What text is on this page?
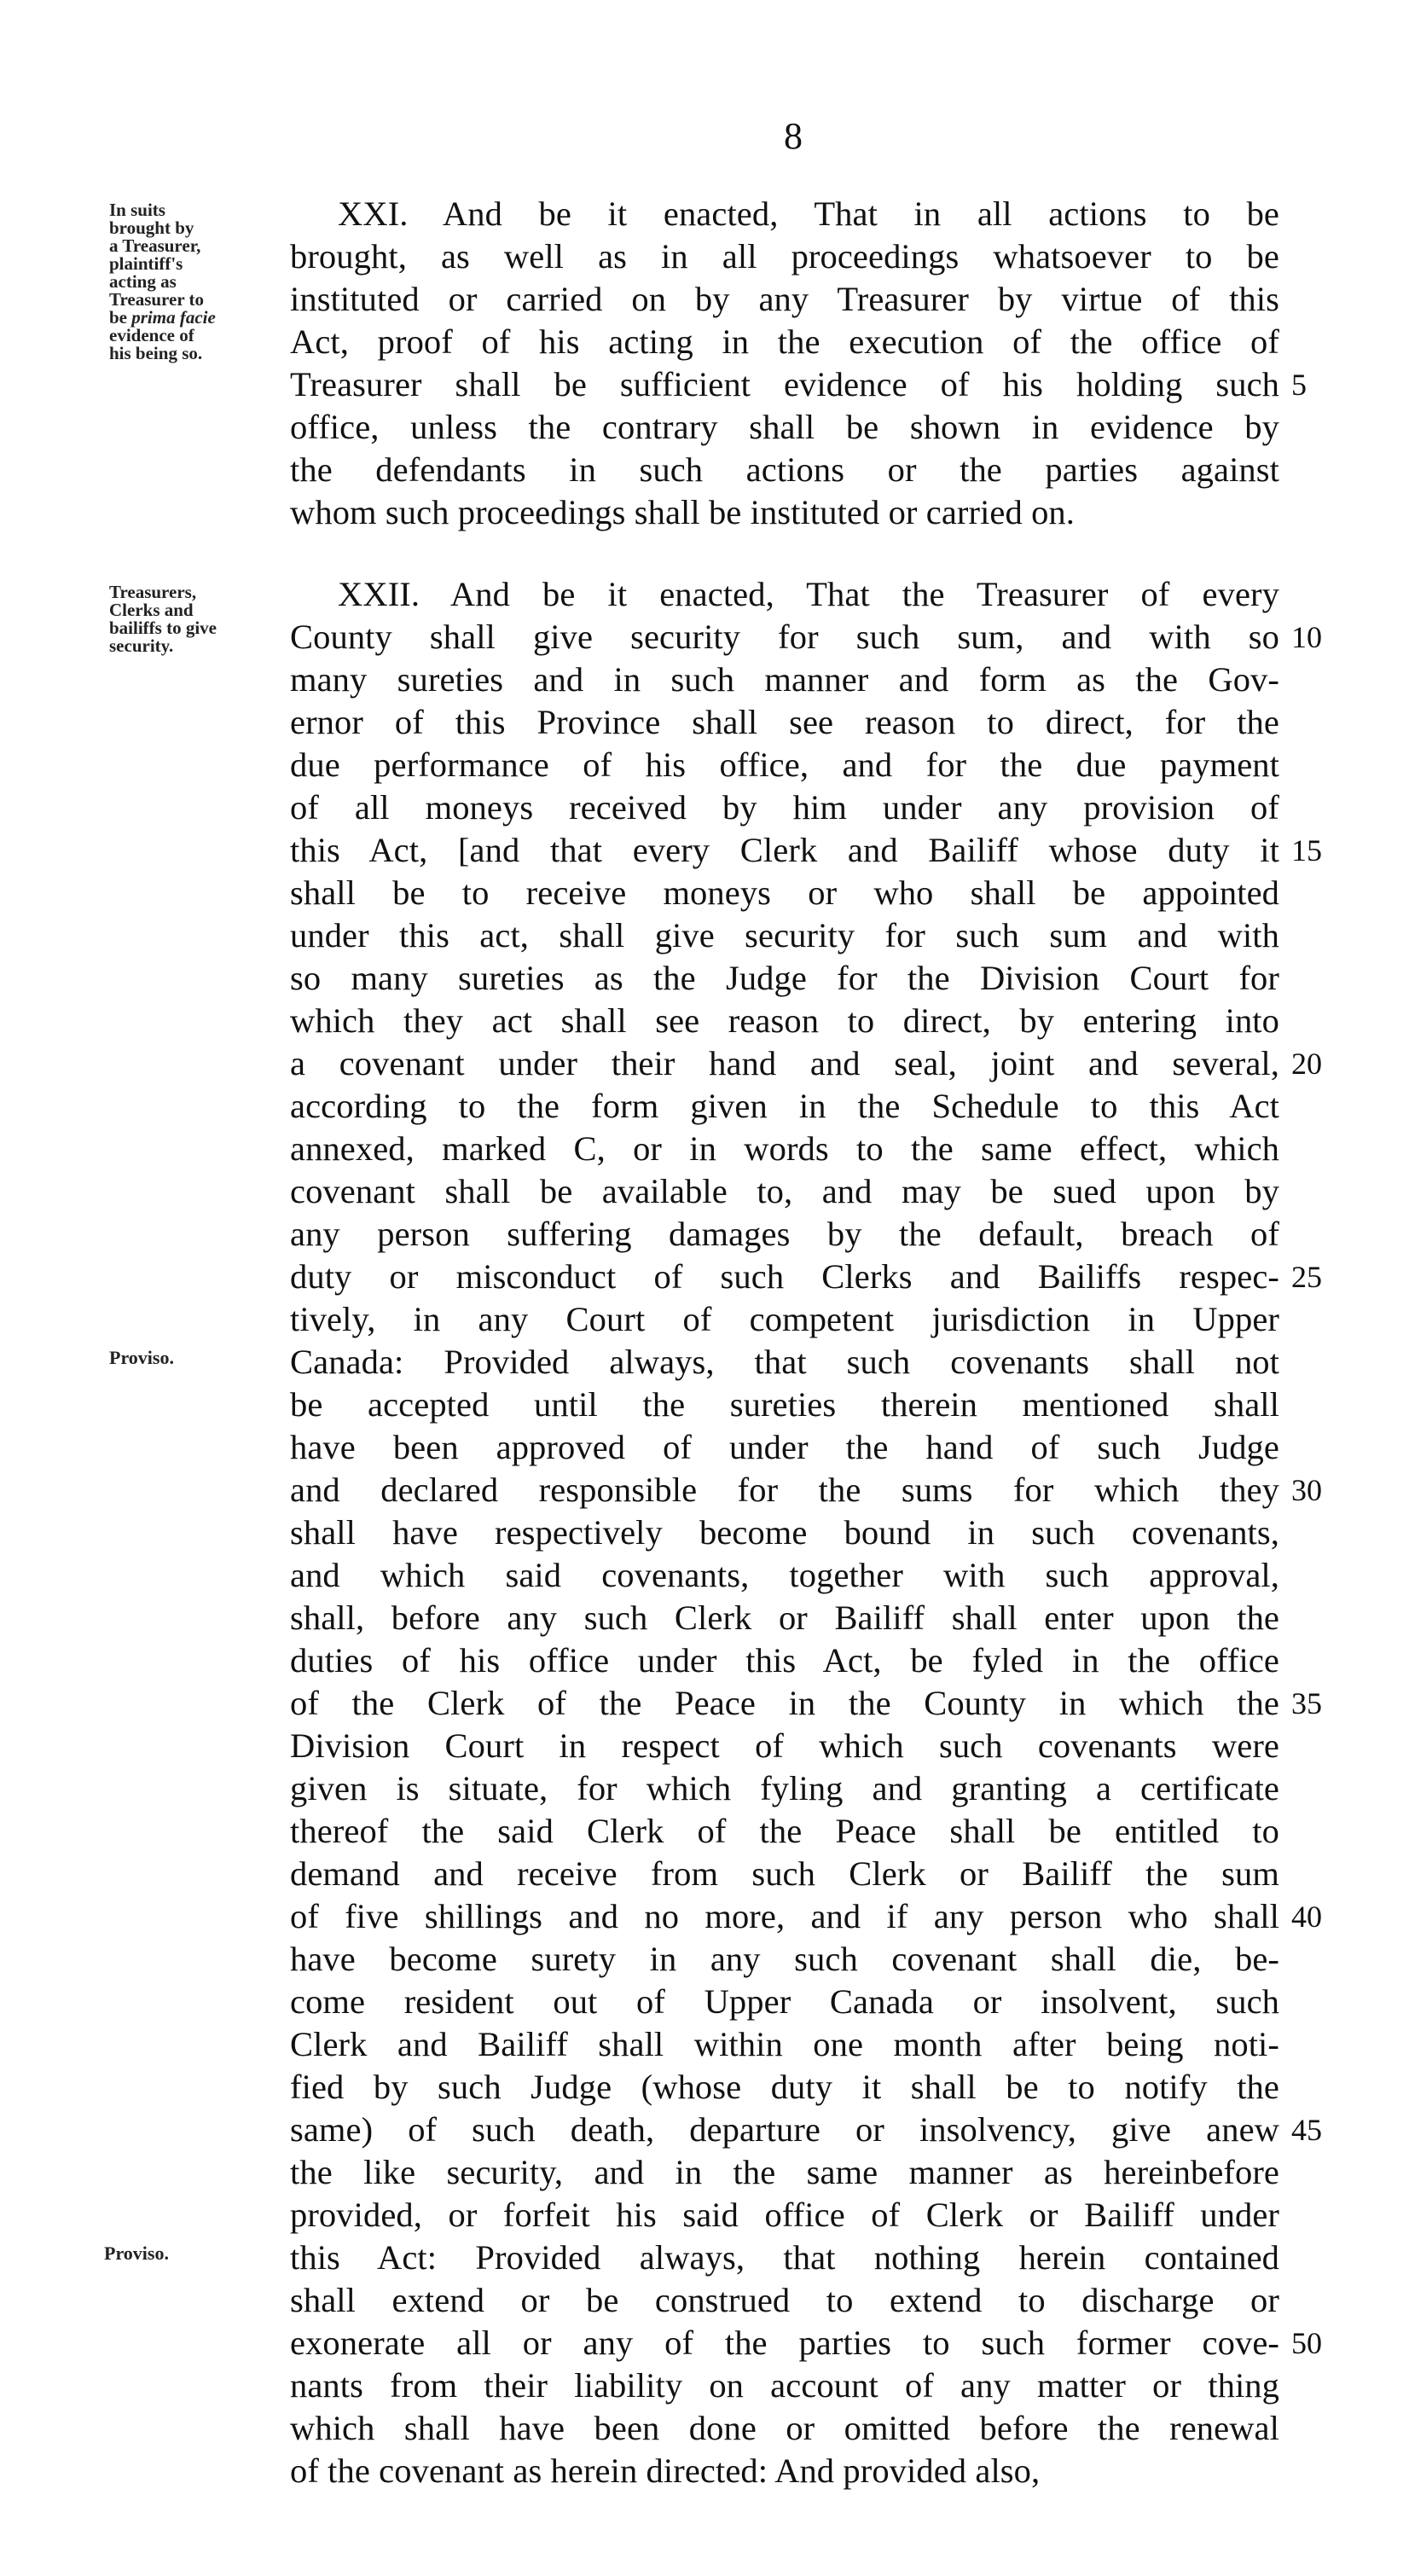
8
In suits
brought by
a Treasurer,
plaintiff's
acting as
Treasurer to
be prima facie
evidence of
his being so.
XXI. And be it enacted, That in all actions to be
brought, as well as in all proceedings whatsoever to be
instituted or carried on by any Treasurer by virtue of this
Act, proof of his acting in the execution of the office of
Treasurer shall be sufficient evidence of his holding such
office, unless the contrary shall be shown in evidence by
the defendants in such actions or the parties against
whom such proceedings shall be instituted or carried on.
5
Treasurers,
Clerks and
bailiffs to give
security.
XXII. And be it enacted, That the Treasurer of every
County shall give security for such sum, and with so
many sureties and in such manner and form as the Gov-
ernor of this Province shall see reason to direct, for the
due performance of his office, and for the due payment
of all moneys received by him under any provision of
this Act, [and that every Clerk and Bailiff whose duty it
shall be to receive moneys or who shall be appointed
under this act, shall give security for such sum and with
so many sureties as the Judge for the Division Court for
which they act shall see reason to direct, by entering into
a covenant under their hand and seal, joint and several,
according to the form given in the Schedule to this Act
annexed, marked C, or in words to the same effect, which
covenant shall be available to, and may be sued upon by
any person suffering damages by the default, breach of
duty or misconduct of such Clerks and Bailiffs respec-
tively, in any Court of competent jurisdiction in Upper
Canada: Provided always, that such covenants shall not
be accepted until the sureties therein mentioned shall
have been approved of under the hand of such Judge
and declared responsible for the sums for which they
shall have respectively become bound in such covenants,
and which said covenants, together with such approval,
shall, before any such Clerk or Bailiff shall enter upon the
duties of his office under this Act, be fyled in the office
of the Clerk of the Peace in the County in which the
Division Court in respect of which such covenants were
given is situate, for which fyling and granting a certificate
thereof the said Clerk of the Peace shall be entitled to
demand and receive from such Clerk or Bailiff the sum
of five shillings and no more, and if any person who shall
have become surety in any such covenant shall die, be-
come resident out of Upper Canada or insolvent, such
Clerk and Bailiff shall within one month after being noti-
fied by such Judge (whose duty it shall be to notify the
same) of such death, departure or insolvency, give anew
the like security, and in the same manner as hereinbefore
provided, or forfeit his said office of Clerk or Bailiff under
this Act: Provided always, that nothing herein contained
shall extend or be construed to extend to discharge or
exonerate all or any of the parties to such former cove-
nants from their liability on account of any matter or thing
which shall have been done or omitted before the renewal
of the covenant as herein directed: And provided also,
Proviso.
Proviso.
10
15
20
25
30
35
40
45
50
